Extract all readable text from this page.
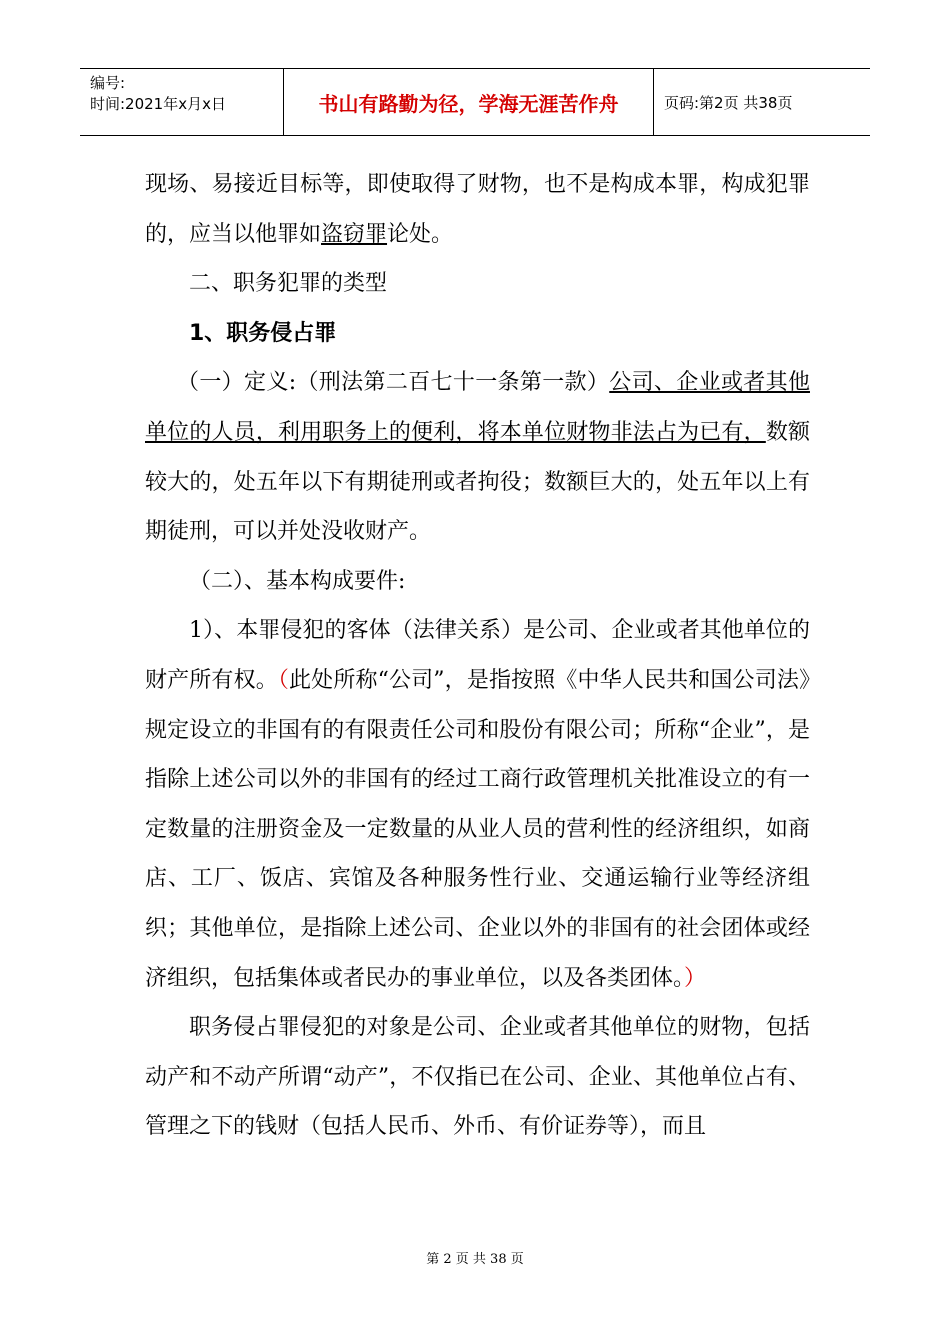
编号:
时间:2021年x月x日	书山有路勤为径，学海无涯苦作舟	页码:第2页 共38页

现场、易接近目标等，即使取得了财物，也不是构成本罪，构成犯罪的，应当以他罪如盗窃罪论处。

二、职务犯罪的类型

1、职务侵占罪

（一）定义:（刑法第二百七十一条第一款）公司、企业或者其他单位的人员，利用职务上的便利，将本单位财物非法占为已有，数额较大的，处五年以下有期徒刑或者拘役；数额巨大的，处五年以上有期徒刑，可以并处没收财产。

（二）、基本构成要件:

1）、本罪侵犯的客体（法律关系）是公司、企业或者其他单位的财产所有权。（此处所称“公司”，是指按照《中华人民共和国公司法》规定设立的非国有的有限责任公司和股份有限公司；所称“企业”，是指除上述公司以外的非国有的经过工商行政管理机关批准设立的有一定数量的注册资金及一定数量的从业人员的营利性的经济组织，如商店、工厂、饭店、宾馆及各种服务性行业、交通运输行业等经济组织；其他单位，是指除上述公司、企业以外的非国有的社会团体或经济组织，包括集体或者民办的事业单位，以及各类团体。）

职务侵占罪侵犯的对象是公司、企业或者其他单位的财物，包括动产和不动产所谓“动产”，不仅指已在公司、企业、其他单位占有、管理之下的钱财（包括人民币、外币、有价证券等），而且

第 2 页 共 38 页
